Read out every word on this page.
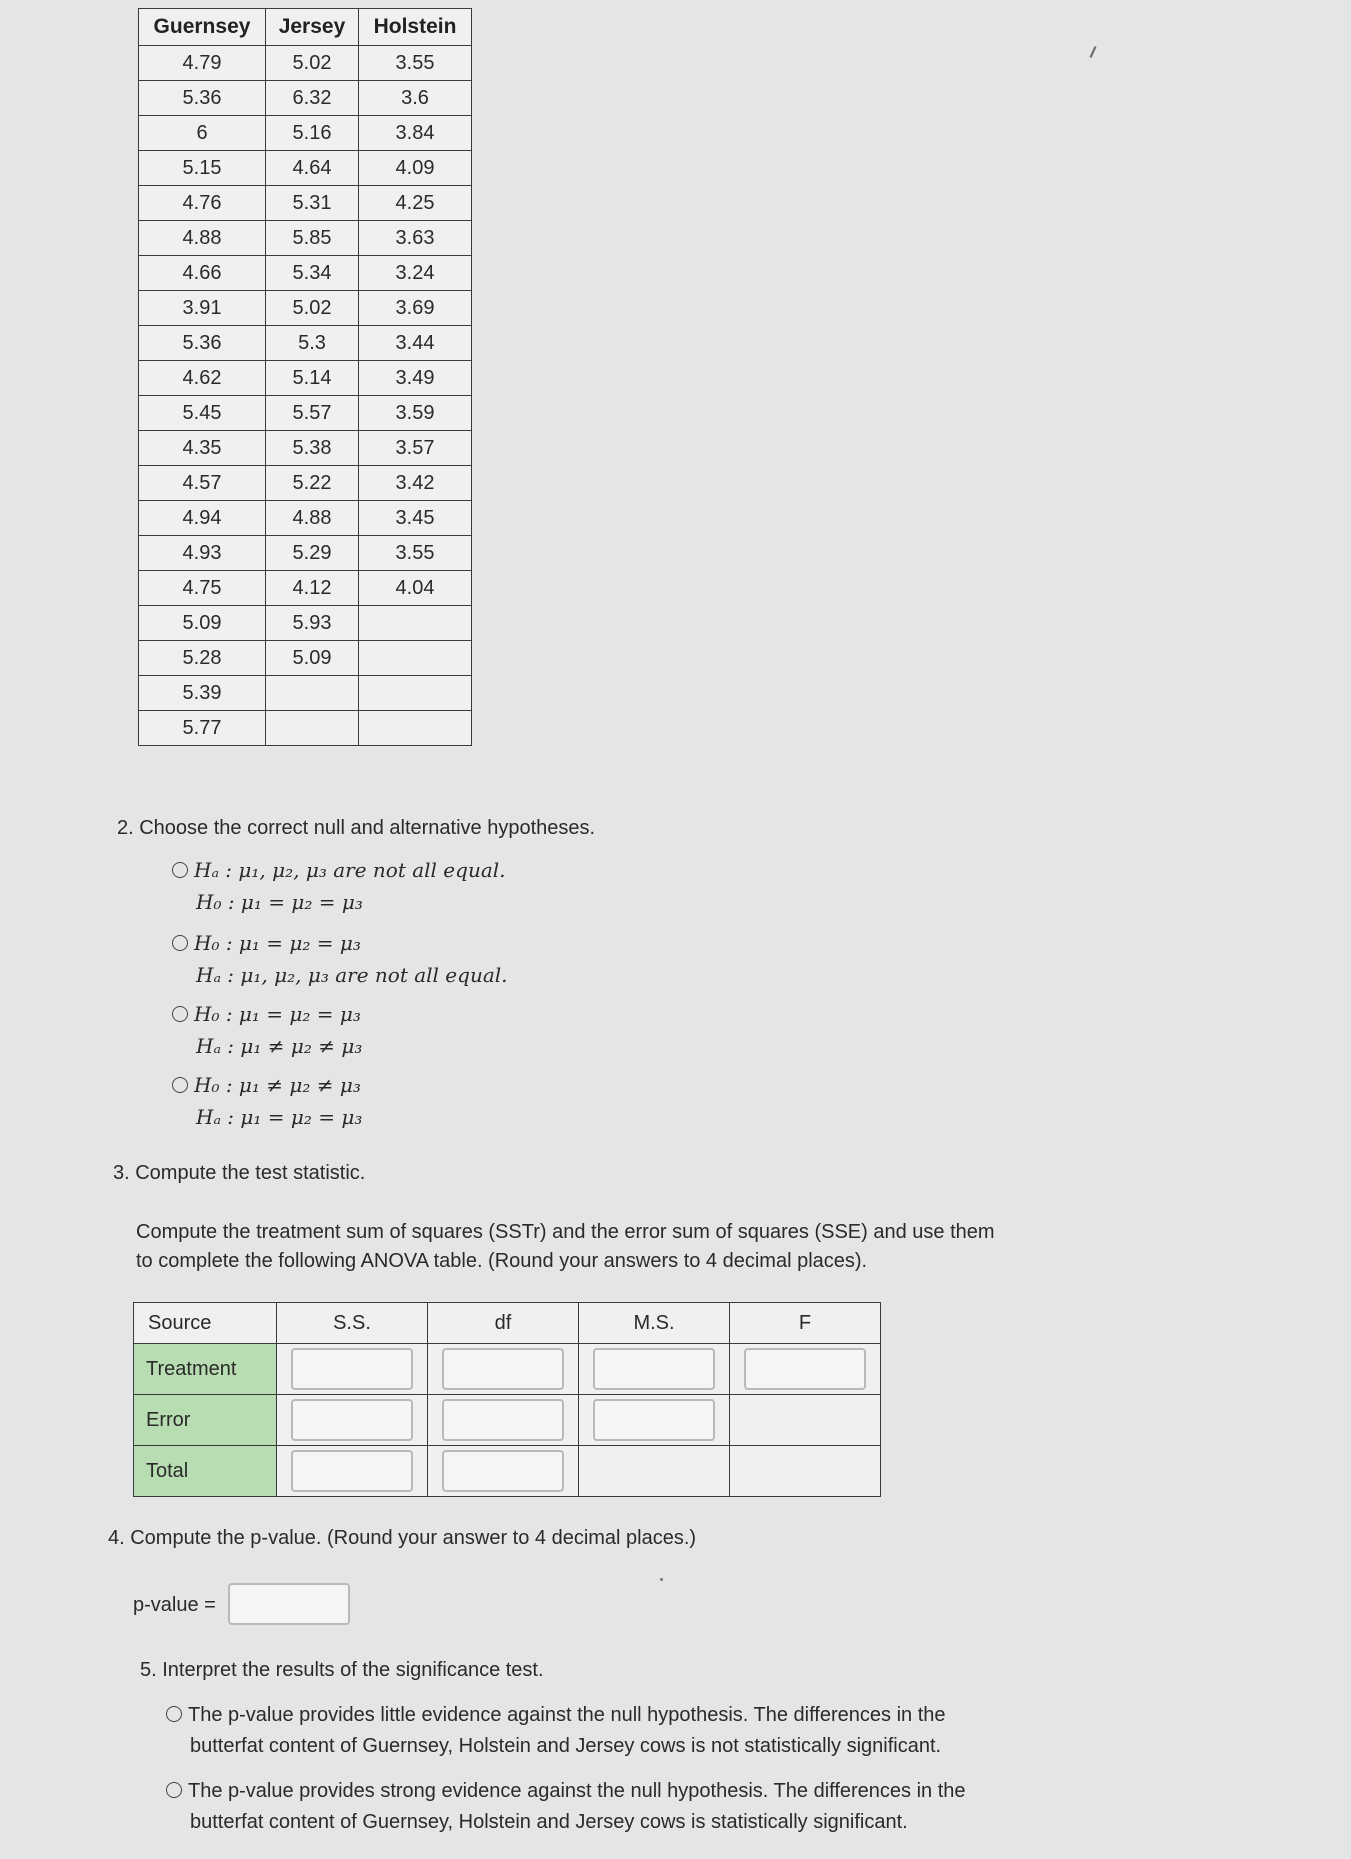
Guernsey	Jersey	Holstein
4.79	5.02	3.55
5.36	6.32	3.6
6	5.16	3.84
5.15	4.64	4.09
4.76	5.31	4.25
4.88	5.85	3.63
4.66	5.34	3.24
3.91	5.02	3.69
5.36	5.3	3.44
4.62	5.14	3.49
5.45	5.57	3.59
4.35	5.38	3.57
4.57	5.22	3.42
4.94	4.88	3.45
4.93	5.29	3.55
4.75	4.12	4.04
5.09	5.93	
5.28	5.09	
5.39		
5.77		
2. Choose the correct null and alternative hypotheses.
Hₐ : μ₁, μ₂, μ₃ are not all equal.
H₀ : μ₁ = μ₂ = μ₃
H₀ : μ₁ = μ₂ = μ₃
Hₐ : μ₁, μ₂, μ₃ are not all equal.
H₀ : μ₁ = μ₂ = μ₃
Hₐ : μ₁ ≠ μ₂ ≠ μ₃
H₀ : μ₁ ≠ μ₂ ≠ μ₃
Hₐ : μ₁ = μ₂ = μ₃
3. Compute the test statistic.
Compute the treatment sum of squares (SSTr) and the error sum of squares (SSE) and use them to complete the following ANOVA table. (Round your answers to 4 decimal places).
Source	S.S.	df	M.S.	F
Treatment				
Error				
Total				
4. Compute the p-value. (Round your answer to 4 decimal places.)
p-value =
5. Interpret the results of the significance test.
The p-value provides little evidence against the null hypothesis. The differences in the
butterfat content of Guernsey, Holstein and Jersey cows is not statistically significant.
The p-value provides strong evidence against the null hypothesis. The differences in the
butterfat content of Guernsey, Holstein and Jersey cows is statistically significant.
